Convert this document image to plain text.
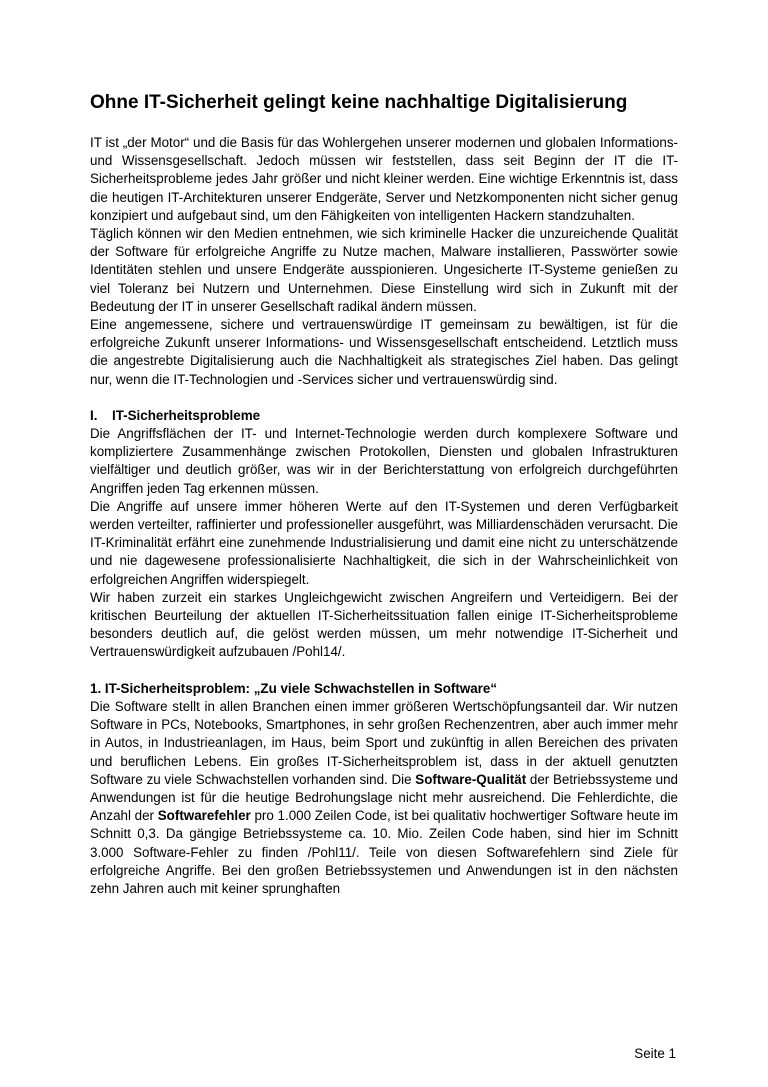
Ohne IT-Sicherheit gelingt keine nachhaltige Digitalisierung

IT ist „der Motor“ und die Basis für das Wohlergehen unserer modernen und globalen Informations- und Wissensgesellschaft. Jedoch müssen wir feststellen, dass seit Beginn der IT die IT-Sicherheitsprobleme jedes Jahr größer und nicht kleiner werden. Eine wichtige Erkenntnis ist, dass die heutigen IT-Architekturen unserer Endgeräte, Server und Netzkomponenten nicht sicher genug konzipiert und aufgebaut sind, um den Fähigkeiten von intelligenten Hackern standzuhalten.

Täglich können wir den Medien entnehmen, wie sich kriminelle Hacker die unzureichende Qualität der Software für erfolgreiche Angriffe zu Nutze machen, Malware installieren, Passwörter sowie Identitäten stehlen und unsere Endgeräte ausspionieren. Ungesicherte IT-Systeme genießen zu viel Toleranz bei Nutzern und Unternehmen. Diese Einstellung wird sich in Zukunft mit der Bedeutung der IT in unserer Gesellschaft radikal ändern müssen.

Eine angemessene, sichere und vertrauenswürdige IT gemeinsam zu bewältigen, ist für die erfolgreiche Zukunft unserer Informations- und Wissensgesellschaft entscheidend. Letztlich muss die angestrebte Digitalisierung auch die Nachhaltigkeit als strategisches Ziel haben. Das gelingt nur, wenn die IT-Technologien und -Services sicher und vertrauenswürdig sind.

I. IT-Sicherheitsprobleme

Die Angriffsflächen der IT- und Internet-Technologie werden durch komplexere Software und kompliziertere Zusammenhänge zwischen Protokollen, Diensten und globalen Infrastrukturen vielfältiger und deutlich größer, was wir in der Berichterstattung von erfolgreich durchgeführten Angriffen jeden Tag erkennen müssen.

Die Angriffe auf unsere immer höheren Werte auf den IT-Systemen und deren Verfügbarkeit werden verteilter, raffinierter und professioneller ausgeführt, was Milliardenschäden verursacht. Die IT-Kriminalität erfährt eine zunehmende Industrialisierung und damit eine nicht zu unterschätzende und nie dagewesene professionalisierte Nachhaltigkeit, die sich in der Wahrscheinlichkeit von erfolgreichen Angriffen widerspiegelt.

Wir haben zurzeit ein starkes Ungleichgewicht zwischen Angreifern und Verteidigern. Bei der kritischen Beurteilung der aktuellen IT-Sicherheitssituation fallen einige IT-Sicherheitsprobleme besonders deutlich auf, die gelöst werden müssen, um mehr notwendige IT-Sicherheit und Vertrauenswürdigkeit aufzubauen /Pohl14/.

1. IT-Sicherheitsproblem: „Zu viele Schwachstellen in Software“

Die Software stellt in allen Branchen einen immer größeren Wertschöpfungsanteil dar. Wir nutzen Software in PCs, Notebooks, Smartphones, in sehr großen Rechenzentren, aber auch immer mehr in Autos, in Industrieanlagen, im Haus, beim Sport und zukünftig in allen Bereichen des privaten und beruflichen Lebens. Ein großes IT-Sicherheitsproblem ist, dass in der aktuell genutzten Software zu viele Schwachstellen vorhanden sind. Die Software-Qualität der Betriebssysteme und Anwendungen ist für die heutige Bedrohungslage nicht mehr ausreichend. Die Fehlerdichte, die Anzahl der Softwarefehler pro 1.000 Zeilen Code, ist bei qualitativ hochwertiger Software heute im Schnitt 0,3. Da gängige Betriebssysteme ca. 10. Mio. Zeilen Code haben, sind hier im Schnitt 3.000 Software-Fehler zu finden /Pohl11/. Teile von diesen Softwarefehlern sind Ziele für erfolgreiche Angriffe. Bei den großen Betriebssystemen und Anwendungen ist in den nächsten zehn Jahren auch mit keiner sprunghaften

Seite 1
